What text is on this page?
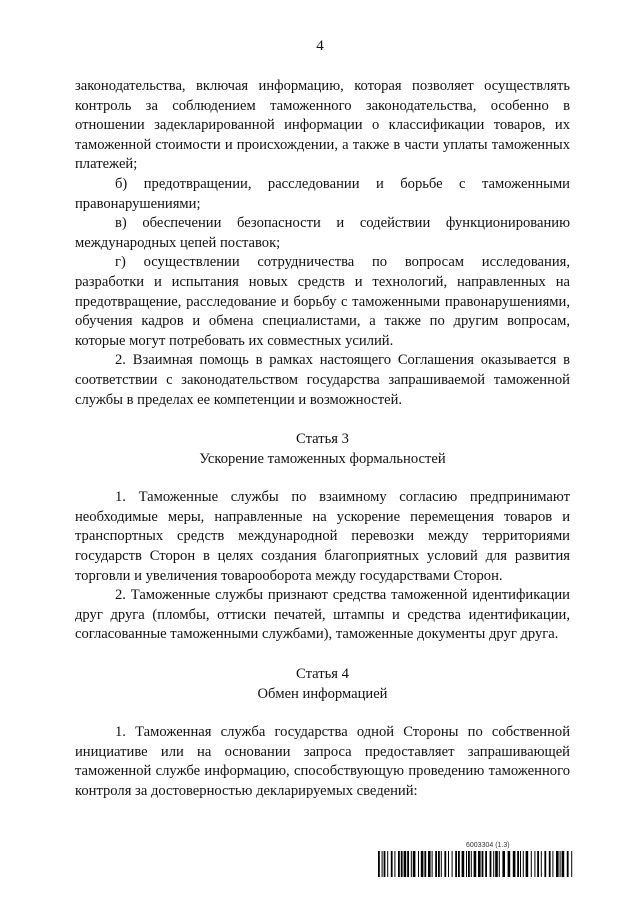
4

законодательства, включая информацию, которая позволяет осуществлять контроль за соблюдением таможенного законодательства, особенно в отношении задекларированной информации о классификации товаров, их таможенной стоимости и происхождении, а также в части уплаты таможенных платежей;

б) предотвращении, расследовании и борьбе с таможенными правонарушениями;

в) обеспечении безопасности и содействии функционированию международных цепей поставок;

г) осуществлении сотрудничества по вопросам исследования, разработки и испытания новых средств и технологий, направленных на предотвращение, расследование и борьбу с таможенными правонарушениями, обучения кадров и обмена специалистами, а также по другим вопросам, которые могут потребовать их совместных усилий.

2. Взаимная помощь в рамках настоящего Соглашения оказывается в соответствии с законодательством государства запрашиваемой таможенной службы в пределах ее компетенции и возможностей.

Статья 3
Ускорение таможенных формальностей

1. Таможенные службы по взаимному согласию предпринимают необходимые меры, направленные на ускорение перемещения товаров и транспортных средств международной перевозки между территориями государств Сторон в целях создания благоприятных условий для развития торговли и увеличения товарооборота между государствами Сторон.

2. Таможенные службы признают средства таможенной идентификации друг друга (пломбы, оттиски печатей, штампы и средства идентификации, согласованные таможенными службами), таможенные документы друг друга.

Статья 4
Обмен информацией

1. Таможенная служба государства одной Стороны по собственной инициативе или на основании запроса предоставляет запрашивающей таможенной службе информацию, способствующую проведению таможенного контроля за достоверностью декларируемых сведений:

6003304 (1.3)
